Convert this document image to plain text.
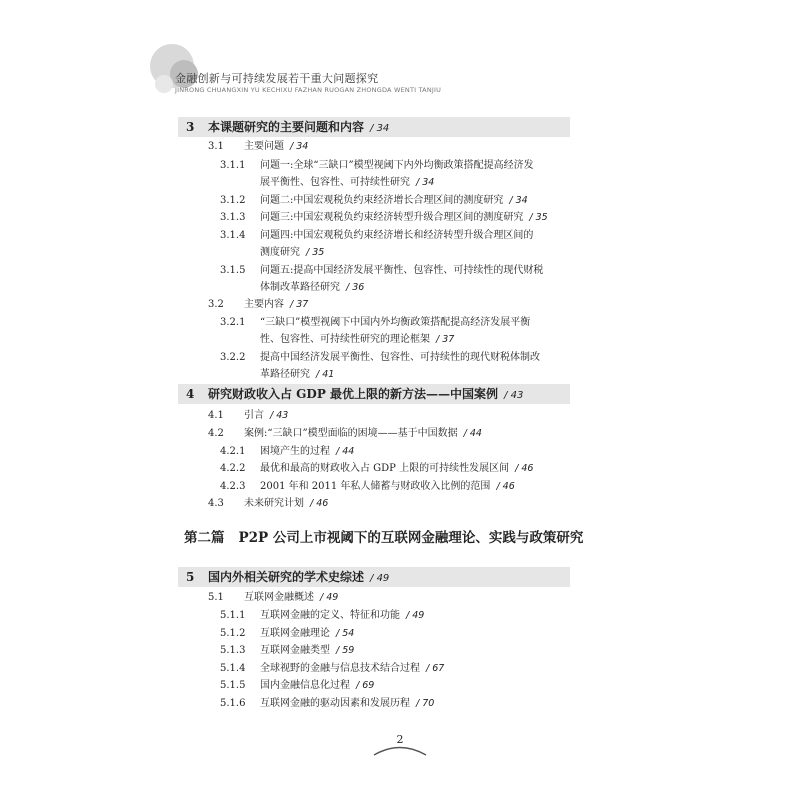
金融创新与可持续发展若干重大问题探究
JINRONG CHUANGXIN YU KECHIXU FAZHAN RUOGAN ZHONGDA WENTI TANJIU
3 本课题研究的主要问题和内容 / 34
3.1 主要问题 / 34
3.1.1 问题一:全球“三缺口”模型视阈下内外均衡政策搭配提高经济发
展平衡性、包容性、可持续性研究 / 34
3.1.2 问题二:中国宏观税负约束经济增长合理区间的测度研究 / 34
3.1.3 问题三:中国宏观税负约束经济转型升级合理区间的测度研究 / 35
3.1.4 问题四:中国宏观税负约束经济增长和经济转型升级合理区间的
测度研究 / 35
3.1.5 问题五:提高中国经济发展平衡性、包容性、可持续性的现代财税
体制改革路径研究 / 36
3.2 主要内容 / 37
3.2.1 “三缺口”模型视阈下中国内外均衡政策搭配提高经济发展平衡
性、包容性、可持续性研究的理论框架 / 37
3.2.2 提高中国经济发展平衡性、包容性、可持续性的现代财税体制改
革路径研究 / 41
4 研究财政收入占 GDP 最优上限的新方法——中国案例 / 43
4.1 引言 / 43
4.2 案例:“三缺口”模型面临的困境——基于中国数据 / 44
4.2.1 困境产生的过程 / 44
4.2.2 最优和最高的财政收入占 GDP 上限的可持续性发展区间 / 46
4.2.3 2001 年和 2011 年私人储蓄与财政收入比例的范围 / 46
4.3 未来研究计划 / 46
第二篇 P2P 公司上市视阈下的互联网金融理论、实践与政策研究
5 国内外相关研究的学术史综述 / 49
5.1 互联网金融概述 / 49
5.1.1 互联网金融的定义、特征和功能 / 49
5.1.2 互联网金融理论 / 54
5.1.3 互联网金融类型 / 59
5.1.4 全球视野的金融与信息技术结合过程 / 67
5.1.5 国内金融信息化过程 / 69
5.1.6 互联网金融的驱动因素和发展历程 / 70
2
